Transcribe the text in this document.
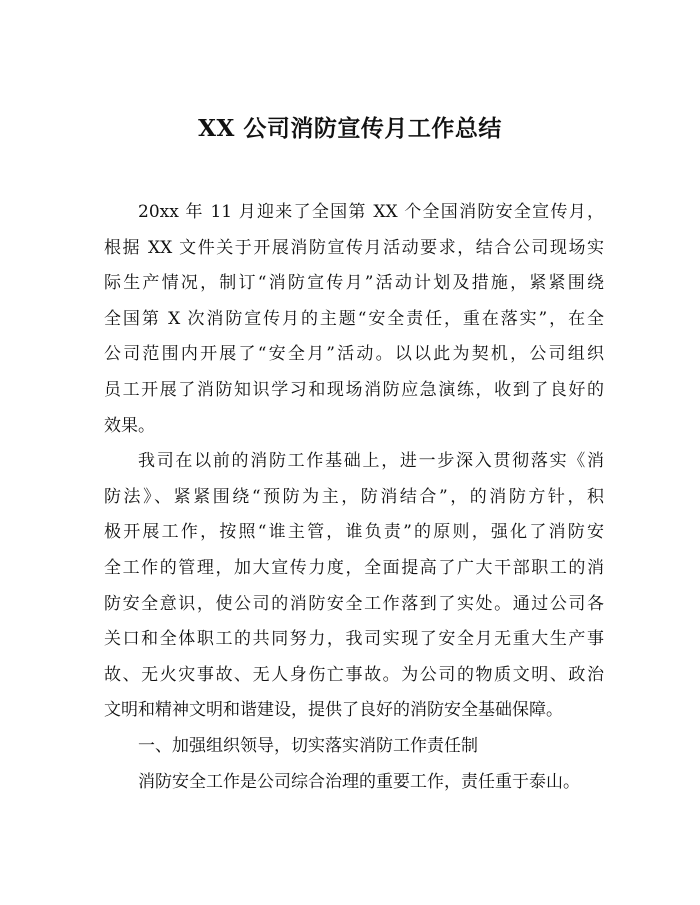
XX 公司消防宣传月工作总结
20xx 年 11 月迎来了全国第 XX 个全国消防安全宣传月，
根据 XX 文件关于开展消防宣传月活动要求，结合公司现场实
际生产情况，制订“消防宣传月”活动计划及措施，紧紧围绕
全国第 X 次消防宣传月的主题“安全责任，重在落实”，在全
公司范围内开展了“安全月”活动。以以此为契机，公司组织
员工开展了消防知识学习和现场消防应急演练，收到了良好的
效果。
我司在以前的消防工作基础上，进一步深入贯彻落实《消
防法》、紧紧围绕“预防为主，防消结合”，的消防方针，积
极开展工作，按照“谁主管，谁负责”的原则，强化了消防安
全工作的管理，加大宣传力度，全面提高了广大干部职工的消
防安全意识，使公司的消防安全工作落到了实处。通过公司各
关口和全体职工的共同努力，我司实现了安全月无重大生产事
故、无火灾事故、无人身伤亡事故。为公司的物质文明、政治
文明和精神文明和谐建设，提供了良好的消防安全基础保障。
一、加强组织领导，切实落实消防工作责任制
消防安全工作是公司综合治理的重要工作，责任重于泰山。
